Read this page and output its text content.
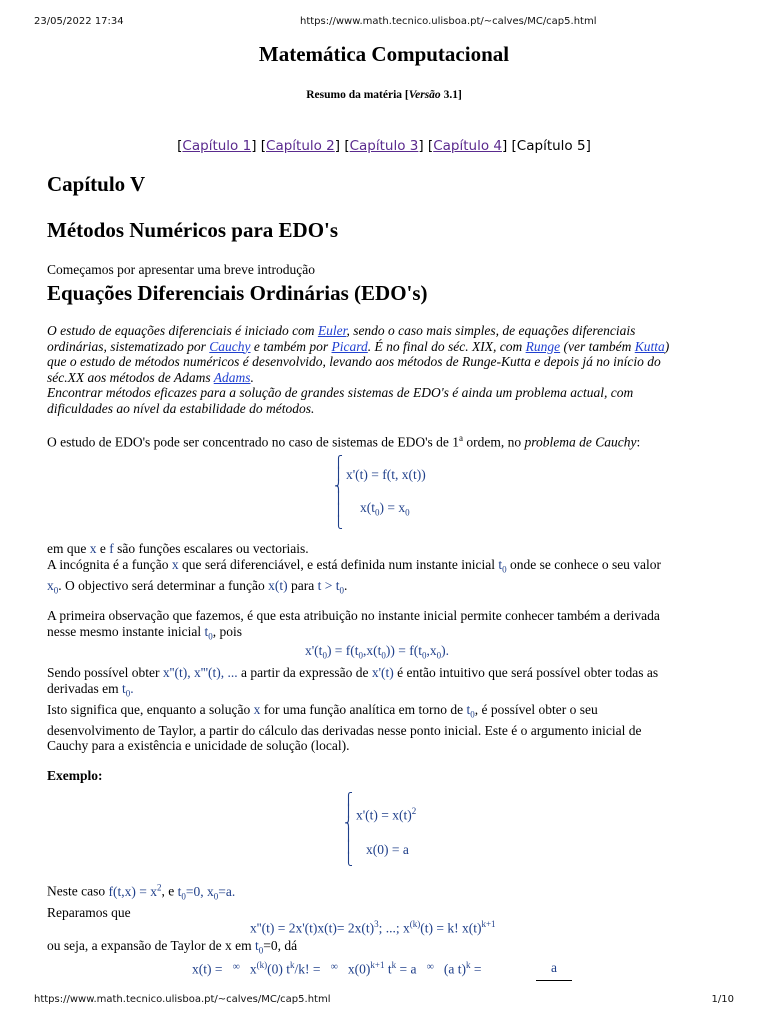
23/05/2022 17:34	https://www.math.tecnico.ulisboa.pt/~calves/MC/cap5.html
Matemática Computacional
Resumo da matéria [Versão 3.1]
[Capítulo 1] [Capítulo 2] [Capítulo 3] [Capítulo 4] [Capítulo 5]
Capítulo V
Métodos Numéricos para EDO's
Começamos por apresentar uma breve introdução
Equações Diferenciais Ordinárias (EDO's)
O estudo de equações diferenciais é iniciado com Euler, sendo o caso mais simples, de equações diferenciais
ordinárias, sistematizado por Cauchy e também por Picard. É no final do séc. XIX, com Runge (ver também Kutta)
que o estudo de métodos numéricos é desenvolvido, levando aos métodos de Runge-Kutta e depois já no início do
séc.XX aos métodos de Adams Adams.
Encontrar métodos eficazes para a solução de grandes sistemas de EDO's é ainda um problema actual, com
dificuldades ao nível da estabilidade do métodos.
O estudo de EDO's pode ser concentrado no caso de sistemas de EDO's de 1$^a$ ordem, no problema de Cauchy:
⎧
⎪
⎨
⎪
⎪
⎩
x'(t) = f(t, x(t))
$x(t_0) = x_0$
em que x e f são funções escalares ou vectoriais.
A incógnita é a função x que será diferenciável, e está definida num instante inicial $t_0$ onde se conhece o seu valor
$x_0$. O objectivo será determinar a função x(t) para $t > t_0$.
A primeira observação que fazemos, é que esta atribuição no instante inicial permite conhecer também a derivada
nesse mesmo instante inicial $t_0$, pois
$x'(t_0) = f(t_0,x(t_0)) = f(t_0,x_0)$.
Sendo possível obter x''(t), x'''(t), ... a partir da expressão de x'(t) é então intuitivo que será possível obter todas as
derivadas em $t_0$.
Isto significa que, enquanto a solução x for uma função analítica em torno de $t_0$, é possível obter o seu
desenvolvimento de Taylor, a partir do cálculo das derivadas nesse ponto inicial. Este é o argumento inicial de
Cauchy para a existência e unicidade de solução (local).
Exemplo:
⎧
⎪
⎨
⎪
⎪
⎩
$x'(t) = x(t)^2$
x(0) = a
Neste caso $f(t,x) = x^2$, e $t_0=0$, $x_0=a$.
Reparamos que
$x''(t) = 2x'(t)x(t)= 2x(t)^3$; ...; $x^{(k)}(t) = k$! $x(t)^{k+1}$
ou seja, a expansão de Taylor de x em $t_0=0$, dá
x(t) = ∞ $x^{(k)}(0) t^k/k$! = ∞ $x(0)^{k+1}$ $t^k = a$ ∞ (a t)$^k$ =	a
https://www.math.tecnico.ulisboa.pt/~calves/MC/cap5.html	1/10
